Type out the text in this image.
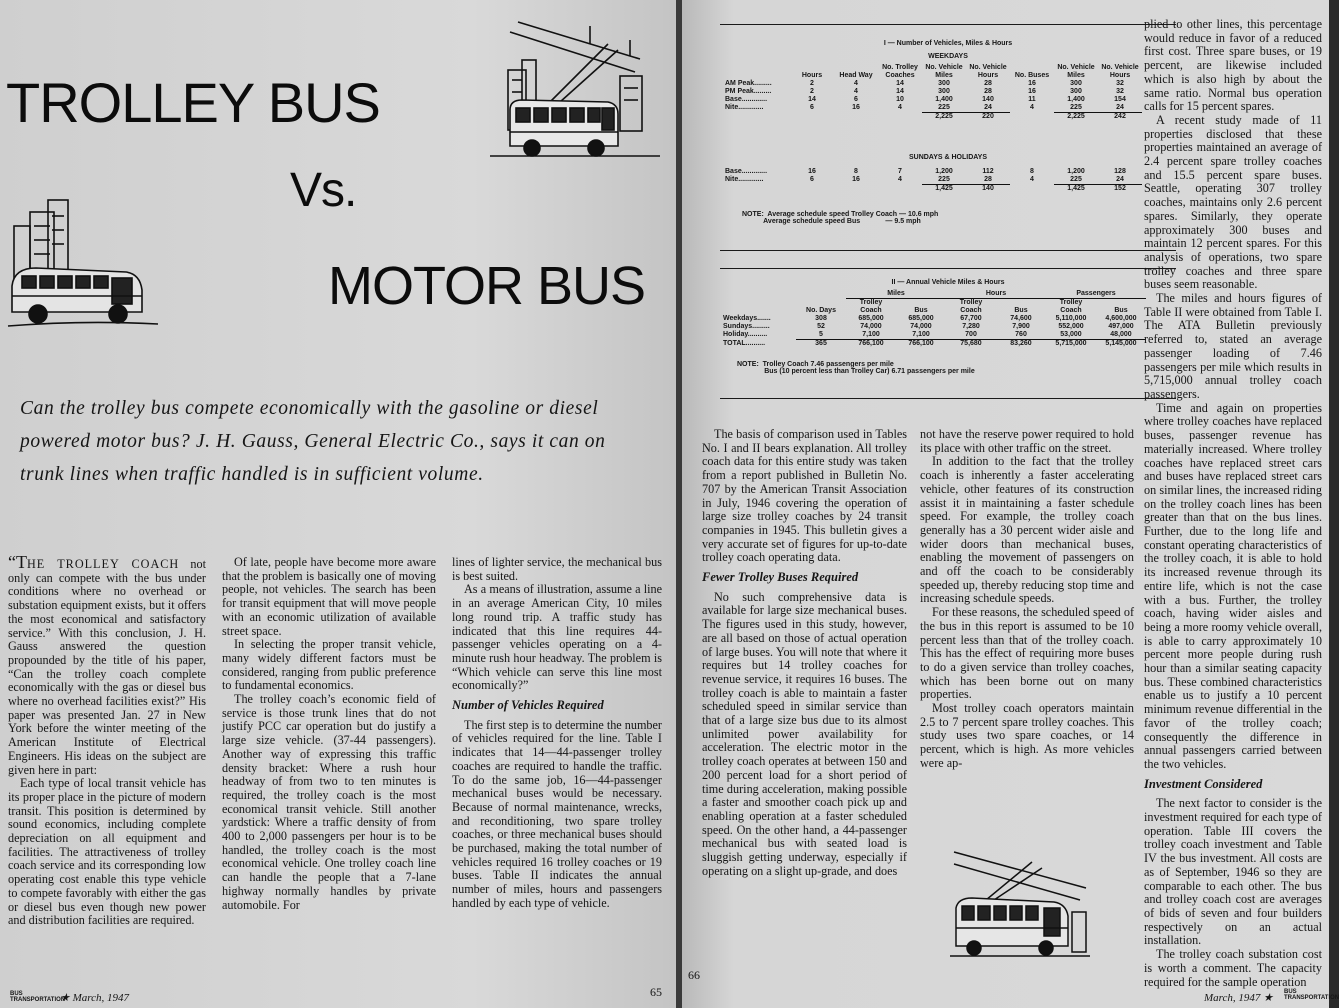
TROLLEY BUS
Vs.
MOTOR BUS
Can the trolley bus compete economically with the gasoline or diesel powered motor bus? J. H. Gauss, General Electric Co., says it can on trunk lines when traffic handled is in sufficient volume.

“THE TROLLEY COACH not only can compete with the bus under conditions where no overhead or substation equipment exists, but it offers the most economical and satisfactory service.” With this conclusion, J. H. Gauss answered the question propounded by the title of his paper, “Can the trolley coach complete economically with the gas or diesel bus where no overhead facilities exist?” His paper was presented Jan. 27 in New York before the winter meeting of the American Institute of Electrical Engineers. His ideas on the subject are given here in part:

Each type of local transit vehicle has its proper place in the picture of modern transit. This position is determined by sound economics, including complete depreciation on all equipment and facilities. The attractiveness of trolley coach service and its corresponding low operating cost enable this type vehicle to compete favorably with either the gas or diesel bus even though new power and distribution facilities are required.

Of late, people have become more aware that the problem is basically one of moving people, not vehicles. The search has been for transit equipment that will move people with an economic utilization of available street space.

In selecting the proper transit vehicle, many widely different factors must be considered, ranging from public preference to fundamental economics.

The trolley coach’s economic field of service is those trunk lines that do not justify PCC car operation but do justify a large size vehicle. (37-44 passengers). Another way of expressing this traffic density bracket: Where a rush hour headway of from two to ten minutes is required, the trolley coach is the most economical transit vehicle. Still another yardstick: Where a traffic density of from 400 to 2,000 passengers per hour is to be handled, the trolley coach is the most economical vehicle. One trolley coach line can handle the people that a 7-lane highway normally handles by private automobile. For

lines of lighter service, the mechanical bus is best suited.

As a means of illustration, assume a line in an average American City, 10 miles long round trip. A traffic study has indicated that this line requires 44-passenger vehicles operating on a 4-minute rush hour headway. The problem is “Which vehicle can serve this line most economically?”

Number of Vehicles Required

The first step is to determine the number of vehicles required for the line. Table I indicates that 14—44-passenger trolley coaches are required to handle the traffic. To do the same job, 16—44-passenger mechanical buses would be necessary. Because of normal maintenance, wrecks, and reconditioning, two spare trolley coaches, or three mechanical buses should be purchased, making the total number of vehicles required 16 trolley coaches or 19 buses. Table II indicates the annual number of miles, hours and passengers handled by each type of vehicle.

BUS TRANSPORTATION
★ March, 1947	65
I — Number of Vehicles, Miles & Hours
WEEKDAYS
	Hours	Head Way	No. Trolley Coaches	No. Vehicle Miles	No. Vehicle Hours	No. Buses	No. Vehicle Miles	No. Vehicle Hours
AM Peak.........	2	4	14	300	28	16	300	32
PM Peak.........	2	4	14	300	28	16	300	32
Base.............	14	6	10	1,400	140	11	1,400	154
Nite.............	6	16	4	225	24	4	225	24
				2,225	220		2,225	242
SUNDAYS & HOLIDAYS
Base.............	16	8	7	1,200	112	8	1,200	128
Nite.............	6	16	4	225	28	4	225	24
				1,425	140		1,425	152
NOTE:  Average schedule speed Trolley Coach — 10.6 mph
Average schedule speed Bus             — 9.5 mph
II — Annual Vehicle Miles & Hours
		Miles		Hours		Passengers	
	No. Days	Trolley Coach	Bus	Trolley Coach	Bus	Trolley Coach	Bus
Weekdays.......	308	685,000	685,000	67,700	74,600	5,110,000	4,600,000
Sundays.........	52	74,000	74,000	7,280	7,900	552,000	497,000
Holiday..........	5	7,100	7,100	700	760	53,000	48,000
TOTAL..........	365	766,100	766,100	75,680	83,260	5,715,000	5,145,000
NOTE:  Trolley Coach 7.46 passengers per mile
Bus (10 percent less than Trolley Car) 6.71 passengers per mile

The basis of comparison used in Tables No. I and II bears explanation. All trolley coach data for this entire study was taken from a report published in Bulletin No. 707 by the American Transit Association in July, 1946 covering the operation of large size trolley coaches by 24 transit companies in 1945. This bulletin gives a very accurate set of figures for up-to-date trolley coach operating data.

Fewer Trolley Buses Required

No such comprehensive data is available for large size mechanical buses. The figures used in this study, however, are all based on those of actual operation of large buses. You will note that where it requires but 14 trolley coaches for revenue service, it requires 16 buses. The trolley coach is able to maintain a faster scheduled speed in similar service than that of a large size bus due to its almost unlimited power availability for acceleration. The electric motor in the trolley coach operates at between 150 and 200 percent load for a short period of time during acceleration, making possible a faster and smoother coach pick up and enabling operation at a faster scheduled speed. On the other hand, a 44-passenger mechanical bus with seated load is sluggish getting underway, especially if operating on a slight up-grade, and does

not have the reserve power required to hold its place with other traffic on the street.

In addition to the fact that the trolley coach is inherently a faster accelerating vehicle, other features of its construction assist it in maintaining a faster schedule speed. For example, the trolley coach generally has a 30 percent wider aisle and wider doors than mechanical buses, enabling the movement of passengers on and off the coach to be considerably speeded up, thereby reducing stop time and increasing schedule speeds.

For these reasons, the scheduled speed of the bus in this report is assumed to be 10 percent less than that of the trolley coach. This has the effect of requiring more buses to do a given service than trolley coaches, which has been borne out on many properties.

Most trolley coach operators maintain 2.5 to 7 percent spare trolley coaches. This study uses two spare coaches, or 14 percent, which is high. As more vehicles were ap-

plied to other lines, this percentage would reduce in favor of a reduced first cost. Three spare buses, or 19 percent, are likewise included which is also high by about the same ratio. Normal bus operation calls for 15 percent spares.

A recent study made of 11 properties disclosed that these properties maintained an average of 2.4 percent spare trolley coaches and 15.5 percent spare buses. Seattle, operating 307 trolley coaches, maintains only 2.6 percent spares. Similarly, they operate approximately 300 buses and maintain 12 percent spares. For this analysis of operations, two spare trolley coaches and three spare buses seem reasonable.

The miles and hours figures of Table II were obtained from Table I. The ATA Bulletin previously referred to, stated an average passenger loading of 7.46 passengers per mile which results in 5,715,000 annual trolley coach passengers.

Time and again on properties where trolley coaches have replaced buses, passenger revenue has materially increased. Where trolley coaches have replaced street cars and buses have replaced street cars on similar lines, the increased riding on the trolley coach lines has been greater than that on the bus lines. Further, due to the long life and constant operating characteristics of the trolley coach, it is able to hold its increased revenue through its entire life, which is not the case with a bus. Further, the trolley coach, having wider aisles and being a more roomy vehicle overall, is able to carry approximately 10 percent more people during rush hour than a similar seating capacity bus. These combined characteristics enable us to justify a 10 percent minimum revenue differential in the favor of the trolley coach; consequently the difference in annual passengers carried between the two vehicles.

Investment Considered

The next factor to consider is the investment required for each type of operation. Table III covers the trolley coach investment and Table IV the bus investment. All costs are as of September, 1946 so they are comparable to each other. The bus and trolley coach cost are averages of bids of seven and four builders respectively on an actual installation.

The trolley coach substation cost is worth a comment. The capacity required for the sample operation

66
March, 1947 ★ BUS TRANSPORTATION
